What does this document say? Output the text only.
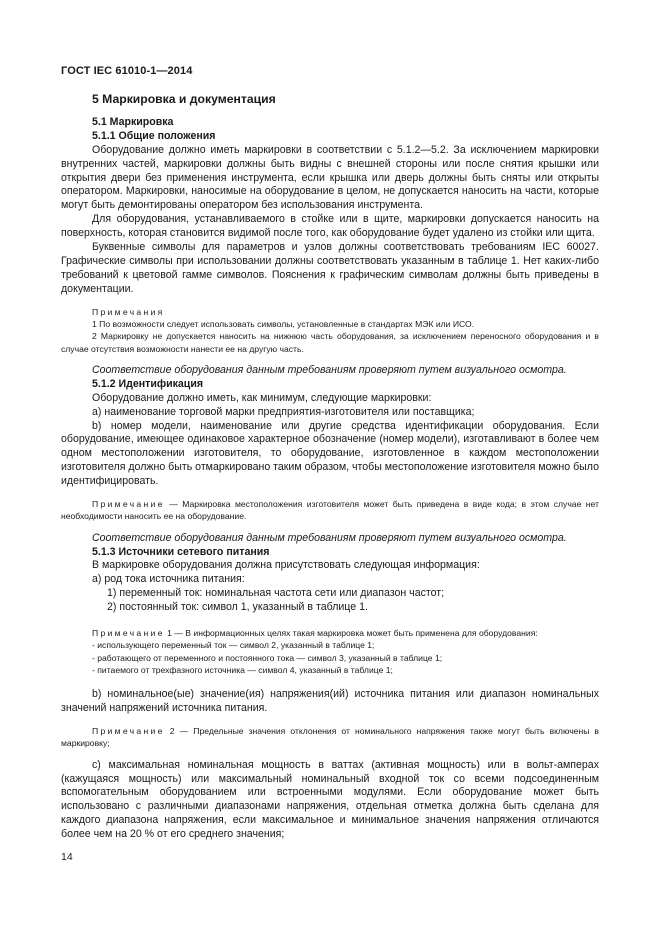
ГОСТ IEC 61010-1—2014

5 Маркировка и документация

5.1 Маркировка

5.1.1 Общие положения

Оборудование должно иметь маркировки в соответствии с 5.1.2—5.2. За исключением маркировки внутренних частей, маркировки должны быть видны с внешней стороны или после снятия крышки или открытия двери без применения инструмента, если крышка или дверь должны быть сняты или открыты оператором. Маркировки, наносимые на оборудование в целом, не допускается наносить на части, которые могут быть демонтированы оператором без использования инструмента.

Для оборудования, устанавливаемого в стойке или в щите, маркировки допускается наносить на поверхность, которая становится видимой после того, как оборудование будет удалено из стойки или щита.

Буквенные символы для параметров и узлов должны соответствовать требованиям IEC 60027. Графические символы при использовании должны соответствовать указанным в таблице 1. Нет каких-либо требований к цветовой гамме символов. Пояснения к графическим символам должны быть приведены в документации.

Примечания

1 По возможности следует использовать символы, установленные в стандартах МЭК или ИСО.

2 Маркировку не допускается наносить на нижнюю часть оборудования, за исключением переносного оборудования и в случае отсутствия возможности нанести ее на другую часть.

Соответствие оборудования данным требованиям проверяют путем визуального осмотра.

5.1.2 Идентификация

Оборудование должно иметь, как минимум, следующие маркировки:

a) наименование торговой марки предприятия-изготовителя или поставщика;

b) номер модели, наименование или другие средства идентификации оборудования. Если оборудование, имеющее одинаковое характерное обозначение (номер модели), изготавливают в более чем одном местоположении изготовителя, то оборудование, изготовленное в каждом местоположении изготовителя должно быть отмаркировано таким образом, чтобы местоположение изготовителя можно было идентифицировать.

Примечание — Маркировка местоположения изготовителя может быть приведена в виде кода; в этом случае нет необходимости наносить ее на оборудование.

Соответствие оборудования данным требованиям проверяют путем визуального осмотра.

5.1.3 Источники сетевого питания

В маркировке оборудования должна присутствовать следующая информация:

a) род тока источника питания:

1) переменный ток: номинальная частота сети или диапазон частот;

2) постоянный ток: символ 1, указанный в таблице 1.

Примечание 1 — В информационных целях такая маркировка может быть применена для оборудования:

- использующего переменный ток — символ 2, указанный в таблице 1;

- работающего от переменного и постоянного тока — символ 3, указанный в таблице 1;

- питаемого от трехфазного источника — символ 4, указанный в таблице 1;

b) номинальное(ые) значение(ия) напряжения(ий) источника питания или диапазон номинальных значений напряжений источника питания.

Примечание 2 — Предельные значения отклонения от номинального напряжения также могут быть включены в маркировку;

c) максимальная номинальная мощность в ваттах (активная мощность) или в вольт-амперах (кажущаяся мощность) или максимальный номинальный входной ток со всеми подсоединенным вспомогательным оборудованием или встроенными модулями. Если оборудование может быть использовано с различными диапазонами напряжения, отдельная отметка должна быть сделана для каждого диапазона напряжения, если максимальное и минимальное значения напряжения отличаются более чем на 20 % от его среднего значения;

14
